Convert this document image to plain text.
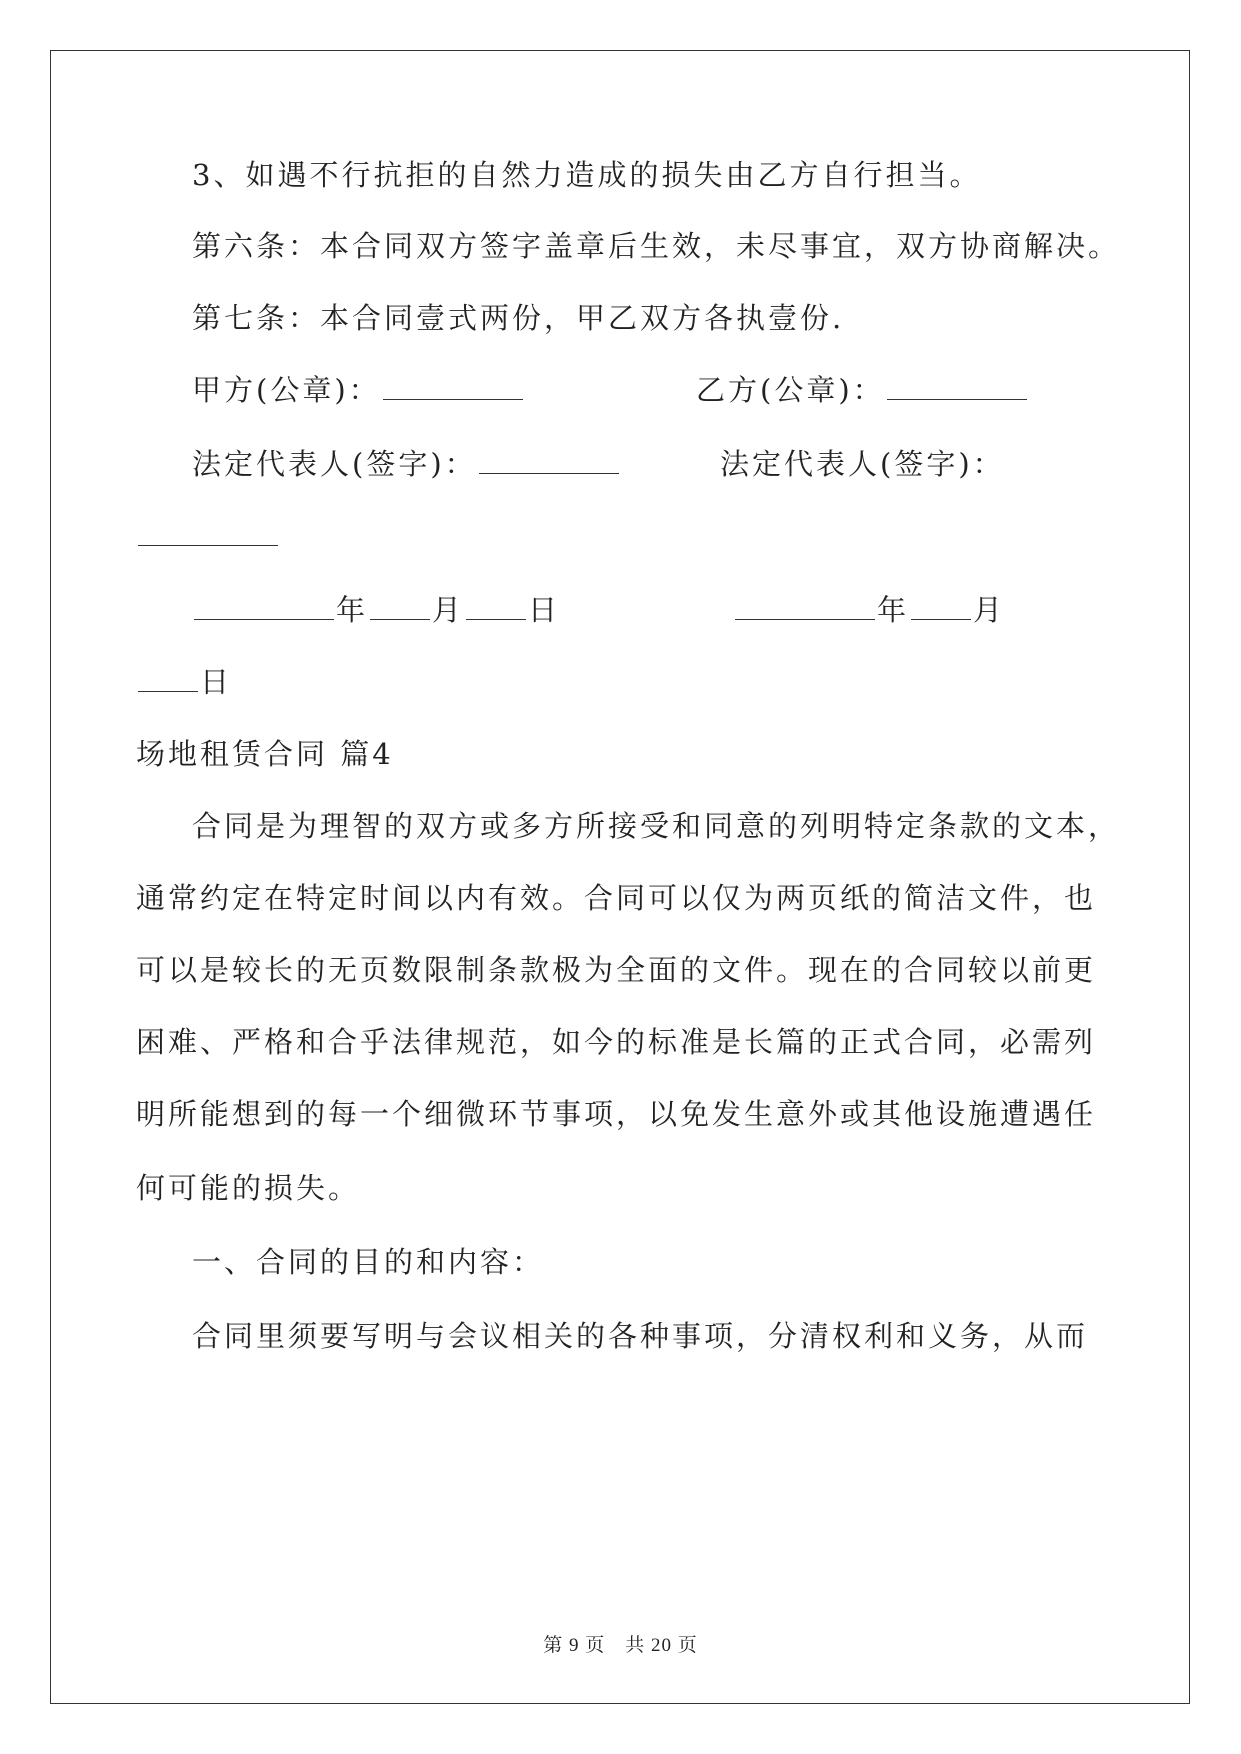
3、如遇不行抗拒的自然力造成的损失由乙方自行担当。
第六条：本合同双方签字盖章后生效，未尽事宜，双方协商解决。
第七条：本合同壹式两份，甲乙双方各执壹份.
甲方(公章)：	乙方(公章)：
法定代表人(签字)：	法定代表人(签字)：
年 月 日	年 月
日
场地租赁合同 篇4
合同是为理智的双方或多方所接受和同意的列明特定条款的文本，
通常约定在特定时间以内有效。合同可以仅为两页纸的简洁文件，也
可以是较长的无页数限制条款极为全面的文件。现在的合同较以前更
困难、严格和合乎法律规范，如今的标准是长篇的正式合同，必需列
明所能想到的每一个细微环节事项，以免发生意外或其他设施遭遇任
何可能的损失。
一、合同的目的和内容：
合同里须要写明与会议相关的各种事项，分清权利和义务，从而
第 9 页　共 20 页
